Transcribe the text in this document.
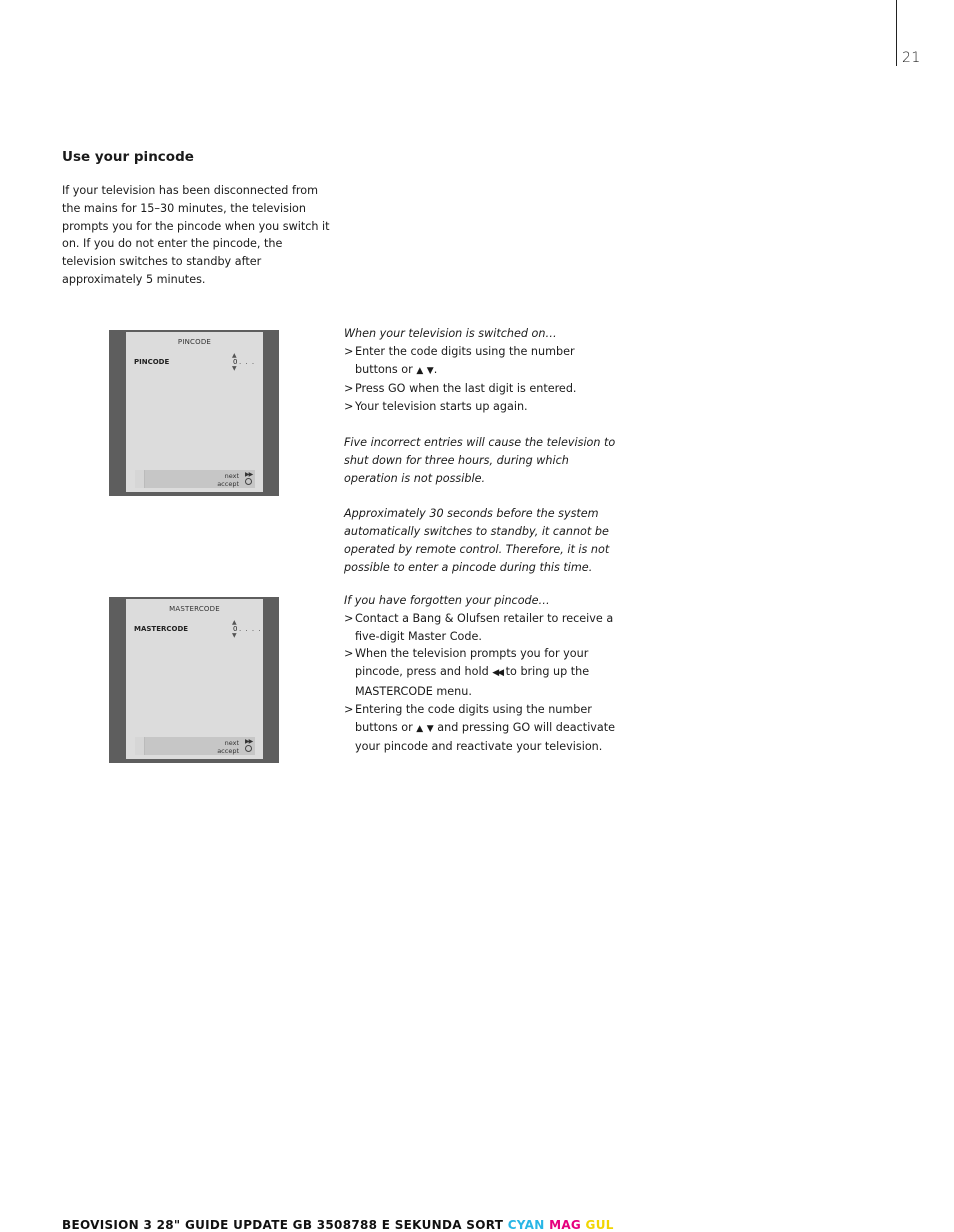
21
Use your pincode

If your television has been disconnected from the mains for 15–30 minutes, the television prompts you for the pincode when you switch it on. If you do not enter the pincode, the television switches to standby after approximately 5 minutes.

PINCODE
PINCODE
▲
0 . . .
▼
next
accept
▶▶
MASTERCODE
MASTERCODE
▲
0 . . . .
▼
next
accept
▶▶

When your television is switched on…

> Enter the code digits using the number buttons or ▲ ▼.
> Press GO when the last digit is entered.
> Your television starts up again.

Five incorrect entries will cause the television to shut down for three hours, during which operation is not possible.

Approximately 30 seconds before the system automatically switches to standby, it cannot be operated by remote control. Therefore, it is not possible to enter a pincode during this time.

If you have forgotten your pincode…

> Contact a Bang & Olufsen retailer to receive a five-digit Master Code.
> When the television prompts you for your pincode, press and hold ◀◀ to bring up the MASTERCODE menu.
> Entering the code digits using the number buttons or ▲ ▼ and pressing GO will deactivate your pincode and reactivate your television.
BEOVISION 3 28" GUIDE UPDATE GB 3508788 E SEKUNDA SORT CYAN MAG GUL
